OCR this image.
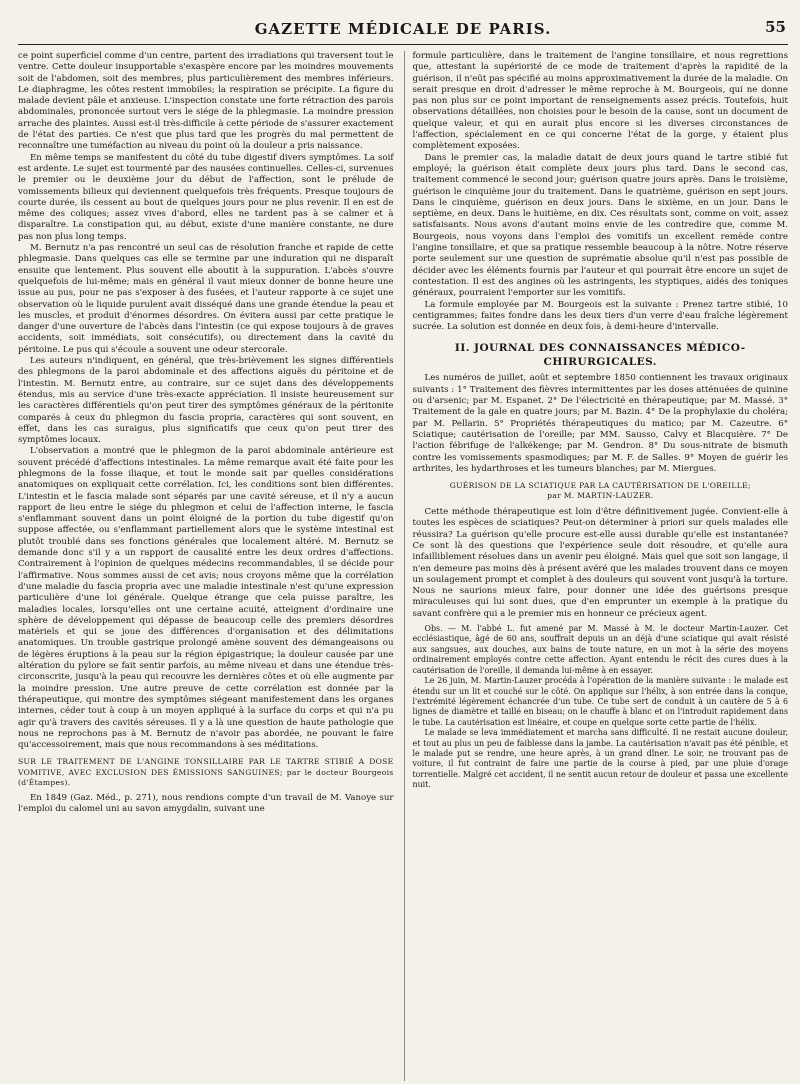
GAZETTE MÉDICALE DE PARIS.	55

ce point superficiel comme d'un centre, partent des irradiations qui traversent tout le ventre. Cette douleur insupportable s'exaspère encore par les moindres mouvements soit de l'abdomen, soit des membres, plus particulièrement des membres inférieurs. Le diaphragme, les côtes restent immobiles; la respiration se précipite. La figure du malade devient pâle et anxieuse. L'inspection constate une forte rétraction des parois abdominales, prononcée surtout vers le siége de la phlegmasie. La moindre pression arrache des plaintes. Aussi est-il très-difficile à cette période de s'assurer exactement de l'état des parties. Ce n'est que plus tard que les progrès du mal permettent de reconnaître une tuméfaction au niveau du point où la douleur a pris naissance.

En même temps se manifestent du côté du tube digestif divers symptômes. La soif est ardente. Le sujet est tourmenté par des nausées continuelles. Celles-ci, survenues le premier ou le deuxième jour du début de l'affection, sont le prélude de vomissements bilieux qui deviennent quelquefois très fréquents. Presque toujours de courte durée, ils cessent au bout de quelques jours pour ne plus revenir. Il en est de même des coliques; assez vives d'abord, elles ne tardent pas à se calmer et à disparaître. La constipation qui, au début, existe d'une manière constante, ne dure pas non plus long temps.

M. Bernutz n'a pas rencontré un seul cas de résolution franche et rapide de cette phlegmasie. Dans quelques cas elle se termine par une induration qui ne disparaît ensuite que lentement. Plus souvent elle aboutit à la suppuration. L'abcès s'ouvre quelquefois de lui-même; mais en général il vaut mieux donner de bonne heure une issue au pus, pour ne pas s'exposer à des fusées, et l'auteur rapporte à ce sujet une observation où le liquide purulent avait disséqué dans une grande étendue la peau et les muscles, et produit d'énormes désordres. On évitera aussi par cette pratique le danger d'une ouverture de l'abcès dans l'intestin (ce qui expose toujours à de graves accidents, soit immédiats, soit consécutifs), ou directement dans la cavité du péritoine. Le pus qui s'écoule a souvent une odeur stercorale.

Les auteurs n'indiquent, en général, que très-brièvement les signes différentiels des phlegmons de la paroi abdominale et des affections aiguës du péritoine et de l'intestin. M. Bernutz entre, au contraire, sur ce sujet dans des développements étendus, mis au service d'une très-exacte appréciation. Il insiste heureusement sur les caractères différentiels qu'on peut tirer des symptômes généraux de la péritonite comparés à ceux du phlegmon du fascia propria, caractères qui sont souvent, en effet, dans les cas suraigus, plus significatifs que ceux qu'on peut tirer des symptômes locaux.

L'observation a montré que le phlegmon de la paroi abdominale antérieure est souvent précédé d'affections intestinales. La même remarque avait été faite pour les phlegmons de la fosse iliaque, et tout le monde sait par quelles considérations anatomiques on expliquait cette corrélation. Ici, les conditions sont bien différentes. L'intestin et le fascia malade sont séparés par une cavité séreuse, et il n'y a aucun rapport de lieu entre le siége du phlegmon et celui de l'affection interne, le fascia s'enflammant souvent dans un point éloigné de la portion du tube digestif qu'on suppose affectée, ou s'enflammant partiellement alors que le système intestinal est plutôt troublé dans ses fonctions générales que localement altéré. M. Bernutz se demande donc s'il y a un rapport de causalité entre les deux ordres d'affections. Contrairement à l'opinion de quelques médecins recommandables, il se décide pour l'affirmative. Nous sommes aussi de cet avis; nous croyons même que la corrélation d'une maladie du fascia propria avec une maladie intestinale n'est qu'une expression particulière d'une loi générale. Quelque étrange que cela puisse paraître, les maladies locales, lorsqu'elles ont une certaine acuité, atteignent d'ordinaire une sphère de développement qui dépasse de beaucoup celle des premiers désordres matériels et qui se joue des différences d'organisation et des délimitations anatomiques. Un trouble gastrique prolongé amène souvent des démangeaisons ou de légères éruptions à la peau sur la région épigastrique; la douleur causée par une altération du pylore se fait sentir parfois, au même niveau et dans une étendue très-circonscrite, jusqu'à la peau qui recouvre les dernières côtes et où elle augmente par la moindre pression. Une autre preuve de cette corrélation est donnée par la thérapeutique, qui montre des symptômes siégeant manifestement dans les organes internes, céder tout à coup à un moyen appliqué à la surface du corps et qui n'a pu agir qu'à travers des cavités séreuses. Il y a là une question de haute pathologie que nous ne reprochons pas à M. Bernutz de n'avoir pas abordée, ne pouvant le faire qu'accessoirement, mais que nous recommandons à ses méditations.

SUR LE TRAITEMENT DE L'ANGINE TONSILLAIRE PAR LE TARTRE STIBIÉ A DOSE VOMITIVE, AVEC EXCLUSION DES ÉMISSIONS SANGUINES; par le docteur Bourgeois (d'Étampes).

En 1849 (Gaz. Méd., p. 271), nous rendions compte d'un travail de M. Vanoye sur l'emploi du calomel uni au savon amygdalin, suivant une

formule particulière, dans le traitement de l'angine tonsillaire, et nous regrettions que, attestant la supériorité de ce mode de traitement d'après la rapidité de la guérison, il n'eût pas spécifié au moins approximativement la durée de la maladie. On serait presque en droit d'adresser le même reproche à M. Bourgeois, qui ne donne pas non plus sur ce point important de renseignements assez précis. Toutefois, huit observations détaillées, non choisies pour le besoin de la cause, sont un document de quelque valeur, et qui en aurait plus encore si les diverses circonstances de l'affection, spécialement en ce qui concerne l'état de la gorge, y étaient plus complètement exposées.

Dans le premier cas, la maladie datait de deux jours quand le tartre stibié fut employé; la guérison était complète deux jours plus tard. Dans le second cas, traitement commencé le second jour; guérison quatre jours après. Dans le troisième, guérison le cinquième jour du traitement. Dans le quatrième, guérison en sept jours. Dans le cinquième, guérison en deux jours. Dans le sixième, en un jour. Dans le septième, en deux. Dans le huitième, en dix. Ces résultats sont, comme on voit, assez satisfaisants. Nous avons d'autant moins envie de les contredire que, comme M. Bourgeois, nous voyons dans l'emploi des vomitifs un excellent remède contre l'angine tonsillaire, et que sa pratique ressemble beaucoup à la nôtre. Notre réserve porte seulement sur une question de suprématie absolue qu'il n'est pas possible de décider avec les éléments fournis par l'auteur et qui pourrait être encore un sujet de contestation. Il est des angines où les astringents, les styptiques, aidés des toniques généraux, pourraient l'emporter sur les vomitifs.

La formule employée par M. Bourgeois est la suivante : Prenez tartre stibié, 10 centigrammes; faites fondre dans les deux tiers d'un verre d'eau fraîche légèrement sucrée. La solution est donnée en deux fois, à demi-heure d'intervalle.

II. JOURNAL DES CONNAISSANCES MÉDICO-CHIRURGICALES.

Les numéros de juillet, août et septembre 1850 contiennent les travaux originaux suivants : 1° Traitement des fièvres intermittentes par les doses atténuées de quinine ou d'arsenic; par M. Espanet. 2° De l'électricité en thérapeutique; par M. Massé. 3° Traitement de la gale en quatre jours; par M. Bazin. 4° De la prophylaxie du choléra; par M. Pellarin. 5° Propriétés thérapeutiques du matico; par M. Cazeutre. 6° Sciatique; cautérisation de l'oreille; par MM. Sausso, Calvy et Blacquière. 7° De l'action fébrifuge de l'alkékenge; par M. Gendron. 8° Du sous-nitrate de bismuth contre les vomissements spasmodiques; par M. F. de Salles. 9° Moyen de guérir les arthrites, les hydarthroses et les tumeurs blanches; par M. Miergues.

GUÉRISON DE LA SCIATIQUE PAR LA CAUTÉRISATION DE L'OREILLE;
par M. MARTIN-LAUZER.

Cette méthode thérapeutique est loin d'être définitivement jugée. Convient-elle à toutes les espèces de sciatiques? Peut-on déterminer à priori sur quels malades elle réussira? La guérison qu'elle procure est-elle aussi durable qu'elle est instantanée? Ce sont là des questions que l'expérience seule doit résoudre, et qu'elle aura infailliblement résolues dans un avenir peu éloigné. Mais quel que soit son langage, il n'en demeure pas moins dès à présent avéré que les malades trouvent dans ce moyen un soulagement prompt et complet à des douleurs qui souvent vont jusqu'à la torture. Nous ne saurions mieux faire, pour donner une idée des guérisons presque miraculeuses qui lui sont dues, que d'en emprunter un exemple à la pratique du savant confrère qui a le premier mis en honneur ce précieux agent.

Obs. — M. l'abbé L. fut amené par M. Massé à M. le docteur Martin-Lauzer. Cet ecclésiastique, âgé de 60 ans, souffrait depuis un an déjà d'une sciatique qui avait résisté aux sangsues, aux douches, aux bains de toute nature, en un mot à la série des moyens ordinairement employés contre cette affection. Ayant entendu le récit des cures dues à la cautérisation de l'oreille, il demanda lui-même à en essayer.

Le 26 juin, M. Martin-Lauzer procéda à l'opération de la manière suivante : le malade est étendu sur un lit et couché sur le côté. On applique sur l'hélix, à son entrée dans la conque, l'extrémité légèrement échancrée d'un tube. Ce tube sert de conduit à un cautère de 5 à 6 lignes de diamètre et taillé en biseau; on le chauffe à blanc et on l'introduit rapidement dans le tube. La cautérisation est linéaire, et coupe en quelque sorte cette partie de l'hélix.

Le malade se leva immédiatement et marcha sans difficulté. Il ne restait aucune douleur, et tout au plus un peu de faiblesse dans la jambe. La cautérisation n'avait pas été pénible, et le malade put se rendre, une heure après, à un grand dîner. Le soir, ne trouvant pas de voiture, il fut contraint de faire une partie de la course à pied, par une pluie d'orage torrentielle. Malgré cet accident, il ne sentit aucun retour de douleur et passa une excellente nuit.
